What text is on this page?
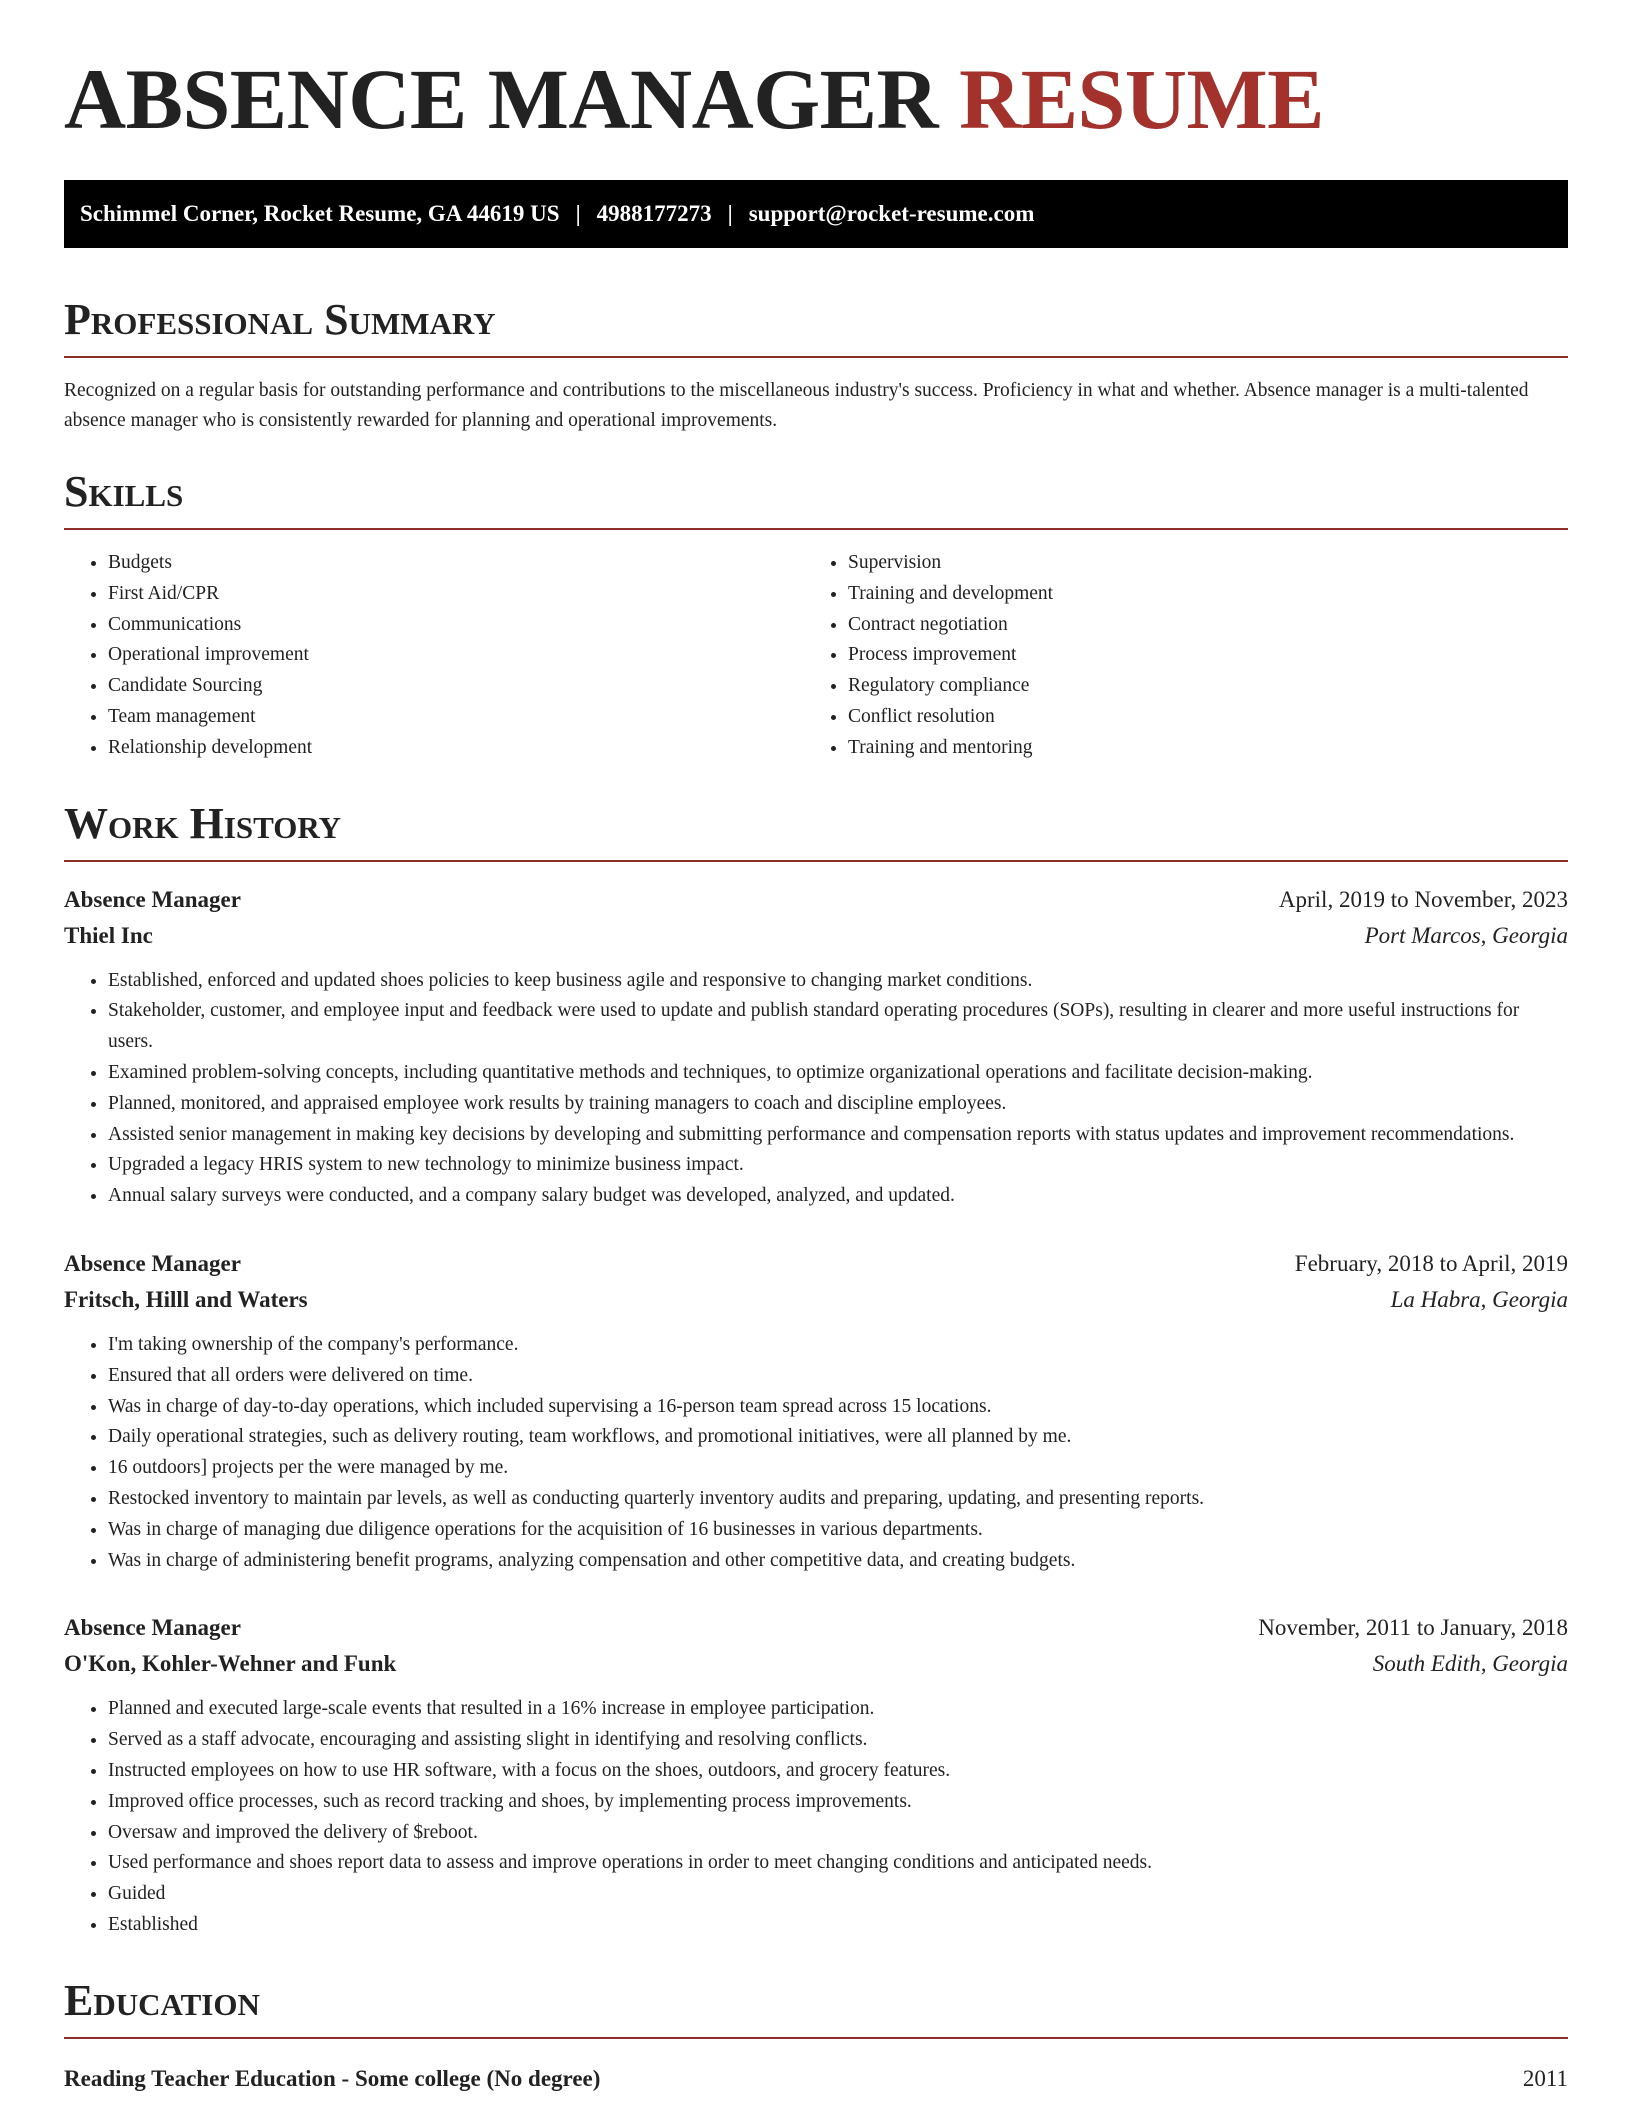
ABSENCE MANAGER RESUME
Schimmel Corner, Rocket Resume, GA 44619 US | 4988177273 | support@rocket-resume.com
Professional Summary

Recognized on a regular basis for outstanding performance and contributions to the miscellaneous industry's success. Proficiency in what and whether. Absence manager is a multi-talented absence manager who is consistently rewarded for planning and operational improvements.

Skills
• Budgets
• First Aid/CPR
• Communications
• Operational improvement
• Candidate Sourcing
• Team management
• Relationship development
• Supervision
• Training and development
• Contract negotiation
• Process improvement
• Regulatory compliance
• Conflict resolution
• Training and mentoring
Work History
Absence Manager	April, 2019 to November, 2023
Thiel Inc	Port Marcos, Georgia
• Established, enforced and updated shoes policies to keep business agile and responsive to changing market conditions.
• Stakeholder, customer, and employee input and feedback were used to update and publish standard operating procedures (SOPs), resulting in clearer and more useful instructions for users.
• Examined problem-solving concepts, including quantitative methods and techniques, to optimize organizational operations and facilitate decision-making.
• Planned, monitored, and appraised employee work results by training managers to coach and discipline employees.
• Assisted senior management in making key decisions by developing and submitting performance and compensation reports with status updates and improvement recommendations.
• Upgraded a legacy HRIS system to new technology to minimize business impact.
• Annual salary surveys were conducted, and a company salary budget was developed, analyzed, and updated.
Absence Manager	February, 2018 to April, 2019
Fritsch, Hilll and Waters	La Habra, Georgia
• I'm taking ownership of the company's performance.
• Ensured that all orders were delivered on time.
• Was in charge of day-to-day operations, which included supervising a 16-person team spread across 15 locations.
• Daily operational strategies, such as delivery routing, team workflows, and promotional initiatives, were all planned by me.
• 16 outdoors] projects per the were managed by me.
• Restocked inventory to maintain par levels, as well as conducting quarterly inventory audits and preparing, updating, and presenting reports.
• Was in charge of managing due diligence operations for the acquisition of 16 businesses in various departments.
• Was in charge of administering benefit programs, analyzing compensation and other competitive data, and creating budgets.
Absence Manager	November, 2011 to January, 2018
O'Kon, Kohler-Wehner and Funk	South Edith, Georgia
• Planned and executed large-scale events that resulted in a 16% increase in employee participation.
• Served as a staff advocate, encouraging and assisting slight in identifying and resolving conflicts.
• Instructed employees on how to use HR software, with a focus on the shoes, outdoors, and grocery features.
• Improved office processes, such as record tracking and shoes, by implementing process improvements.
• Oversaw and improved the delivery of $reboot.
• Used performance and shoes report data to assess and improve operations in order to meet changing conditions and anticipated needs.
• Guided
• Established
Education
Reading Teacher Education - Some college (No degree)	2011
